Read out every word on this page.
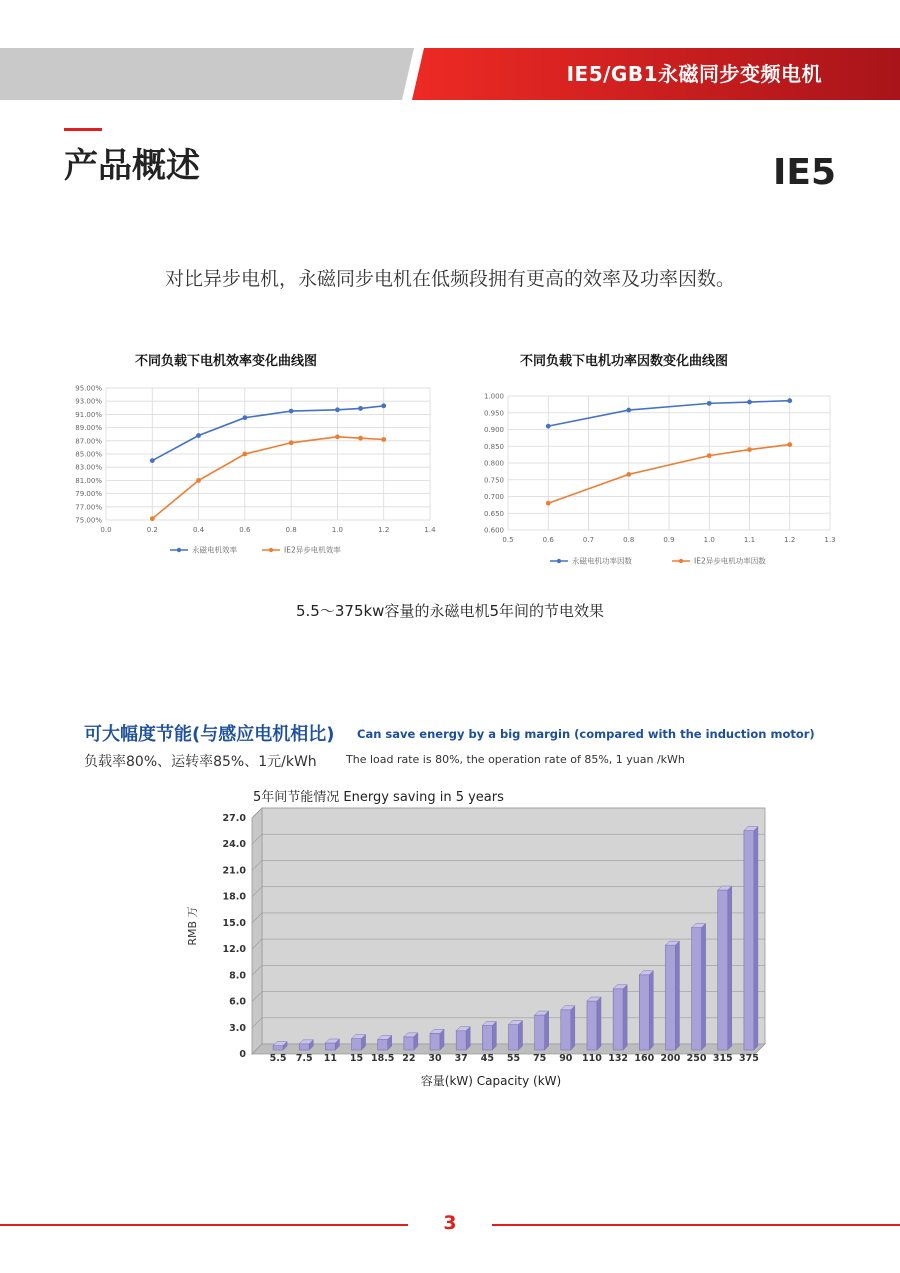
IE5/GB1永磁同步变频电机
产品概述	IE5
对比异步电机，永磁同步电机在低频段拥有更高的效率及功率因数。
不同负载下电机效率变化曲线图	不同负载下电机功率因数变化曲线图
75.00%
77.00%
79.00%
81.00%
83.00%
85.00%
87.00%
89.00%
91.00%
93.00%
95.00%
0.0	0.2	0.4	0.6	0.8	1.0	1.2	1.4
永磁电机效率	IE2异步电机效率
0.600
0.650
0.700
0.750
0.800
0.850
0.900
0.950
1.000
0.5	0.6	0.7	0.8	0.9	1.0	1.1	1.2	1.3
永磁电机功率因数	IE2异步电机功率因数
5.5～375kw容量的永磁电机5年间的节电效果
可大幅度节能(与感应电机相比) Can save energy by a big margin (compared with the induction motor)
负载率80%、运转率85%、1元/kWh	The load rate is 80%, the operation rate of 85%, 1 yuan /kWh
5年间节能情况 Energy saving in 5 years
0
3.0
6.0
8.0
12.0
15.0
18.0
21.0
24.0
27.0
5.5 7.5 11 15 18.5 22 30 37 45 55 75 90 110 132 160 200 250 315 375
RMB 万
容量(kW) Capacity (kW)
3
